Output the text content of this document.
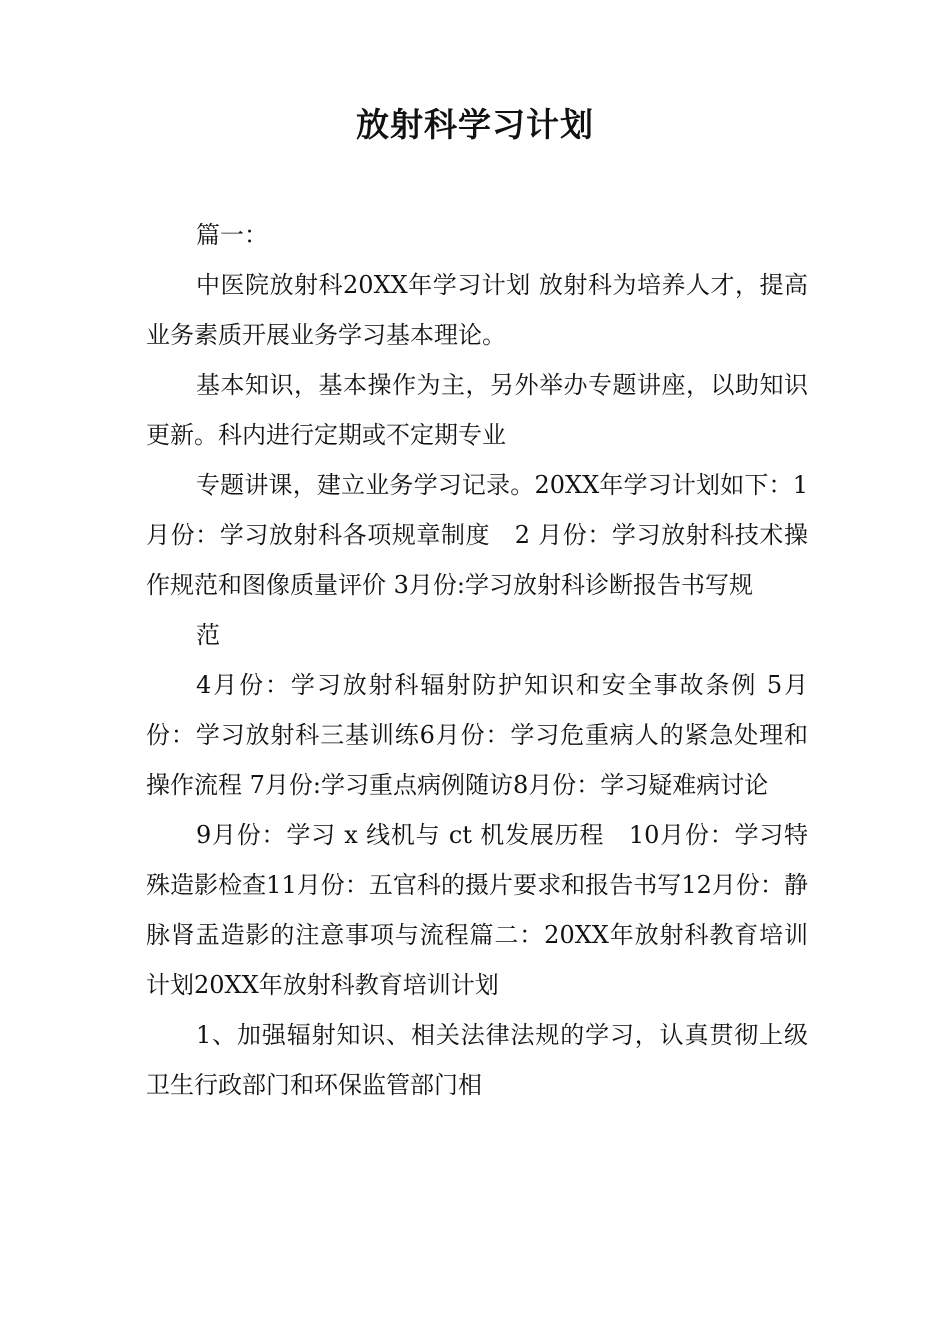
放射科学习计划

篇一：

中医院放射科20XX年学习计划 放射科为培养人才，提高业务素质开展业务学习基本理论。

基本知识，基本操作为主，另外举办专题讲座，以助知识更新。科内进行定期或不定期专业

专题讲课，建立业务学习记录。20XX年学习计划如下：1 月份：学习放射科各项规章制度　2 月份：学习放射科技术操作规范和图像质量评价 3月份:学习放射科诊断报告书写规

范

4月份：学习放射科辐射防护知识和安全事故条例 5月份：学习放射科三基训练6月份：学习危重病人的紧急处理和操作流程 7月份:学习重点病例随访8月份：学习疑难病讨论

9月份：学习 x 线机与 ct 机发展历程　10月份：学习特殊造影检查11月份：五官科的摄片要求和报告书写12月份：静脉肾盂造影的注意事项与流程篇二：20XX年放射科教育培训计划20XX年放射科教育培训计划

1、加强辐射知识、相关法律法规的学习，认真贯彻上级卫生行政部门和环保监管部门相
